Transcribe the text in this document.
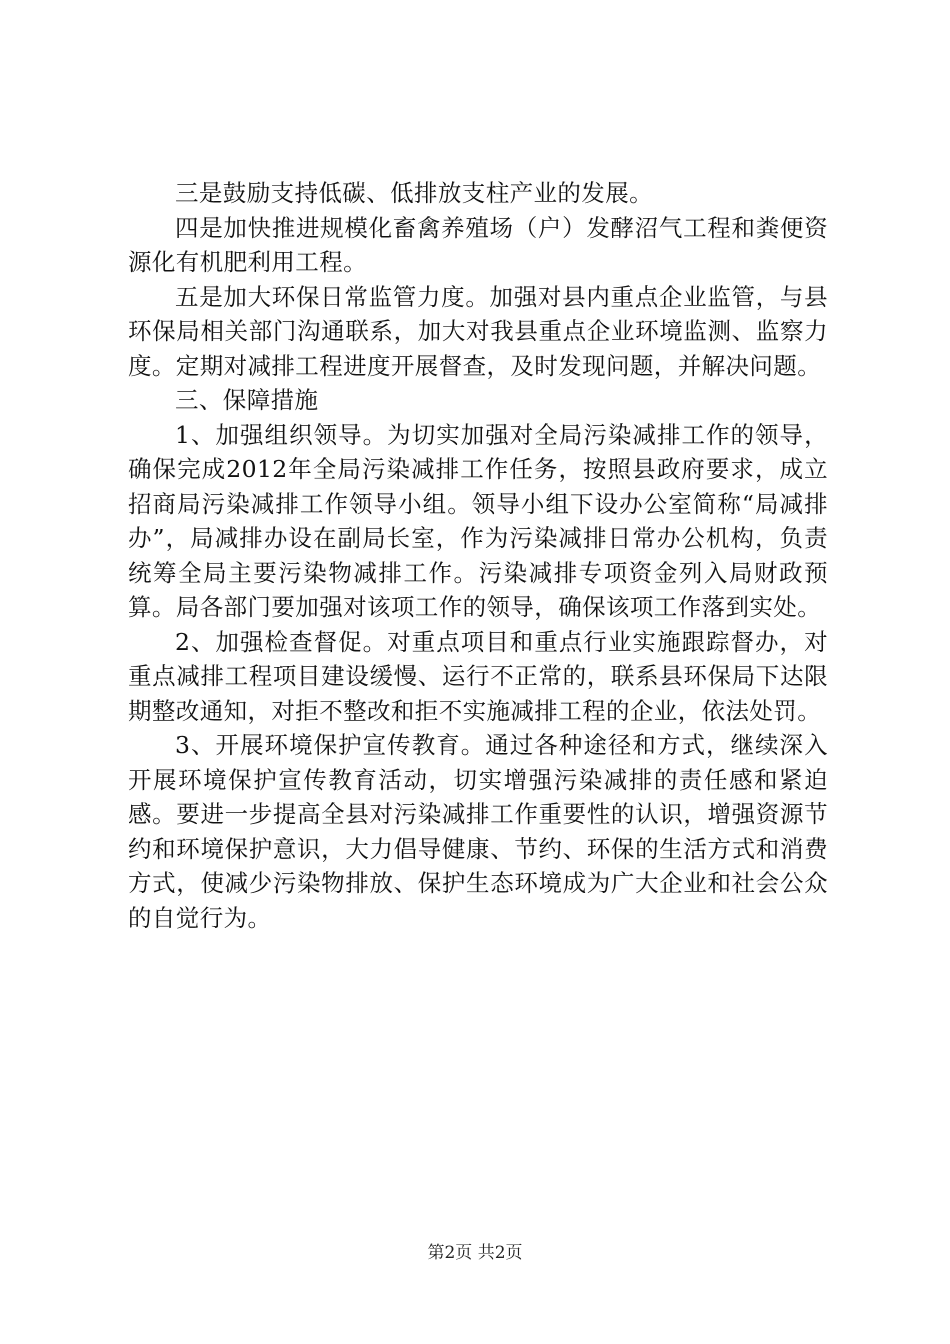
三是鼓励支持低碳、低排放支柱产业的发展。

四是加快推进规模化畜禽养殖场（户）发酵沼气工程和粪便资源化有机肥利用工程。

五是加大环保日常监管力度。加强对县内重点企业监管，与县环保局相关部门沟通联系，加大对我县重点企业环境监测、监察力度。定期对减排工程进度开展督查，及时发现问题，并解决问题。

三、保障措施

1、加强组织领导。为切实加强对全局污染减排工作的领导，确保完成2012年全局污染减排工作任务，按照县政府要求，成立招商局污染减排工作领导小组。领导小组下设办公室简称“局减排办”，局减排办设在副局长室，作为污染减排日常办公机构，负责统筹全局主要污染物减排工作。污染减排专项资金列入局财政预算。局各部门要加强对该项工作的领导，确保该项工作落到实处。

2、加强检查督促。对重点项目和重点行业实施跟踪督办，对重点减排工程项目建设缓慢、运行不正常的，联系县环保局下达限期整改通知，对拒不整改和拒不实施减排工程的企业，依法处罚。

3、开展环境保护宣传教育。通过各种途径和方式，继续深入开展环境保护宣传教育活动，切实增强污染减排的责任感和紧迫感。要进一步提高全县对污染减排工作重要性的认识，增强资源节约和环境保护意识，大力倡导健康、节约、环保的生活方式和消费方式，使减少污染物排放、保护生态环境成为广大企业和社会公众的自觉行为。

第2页 共2页
